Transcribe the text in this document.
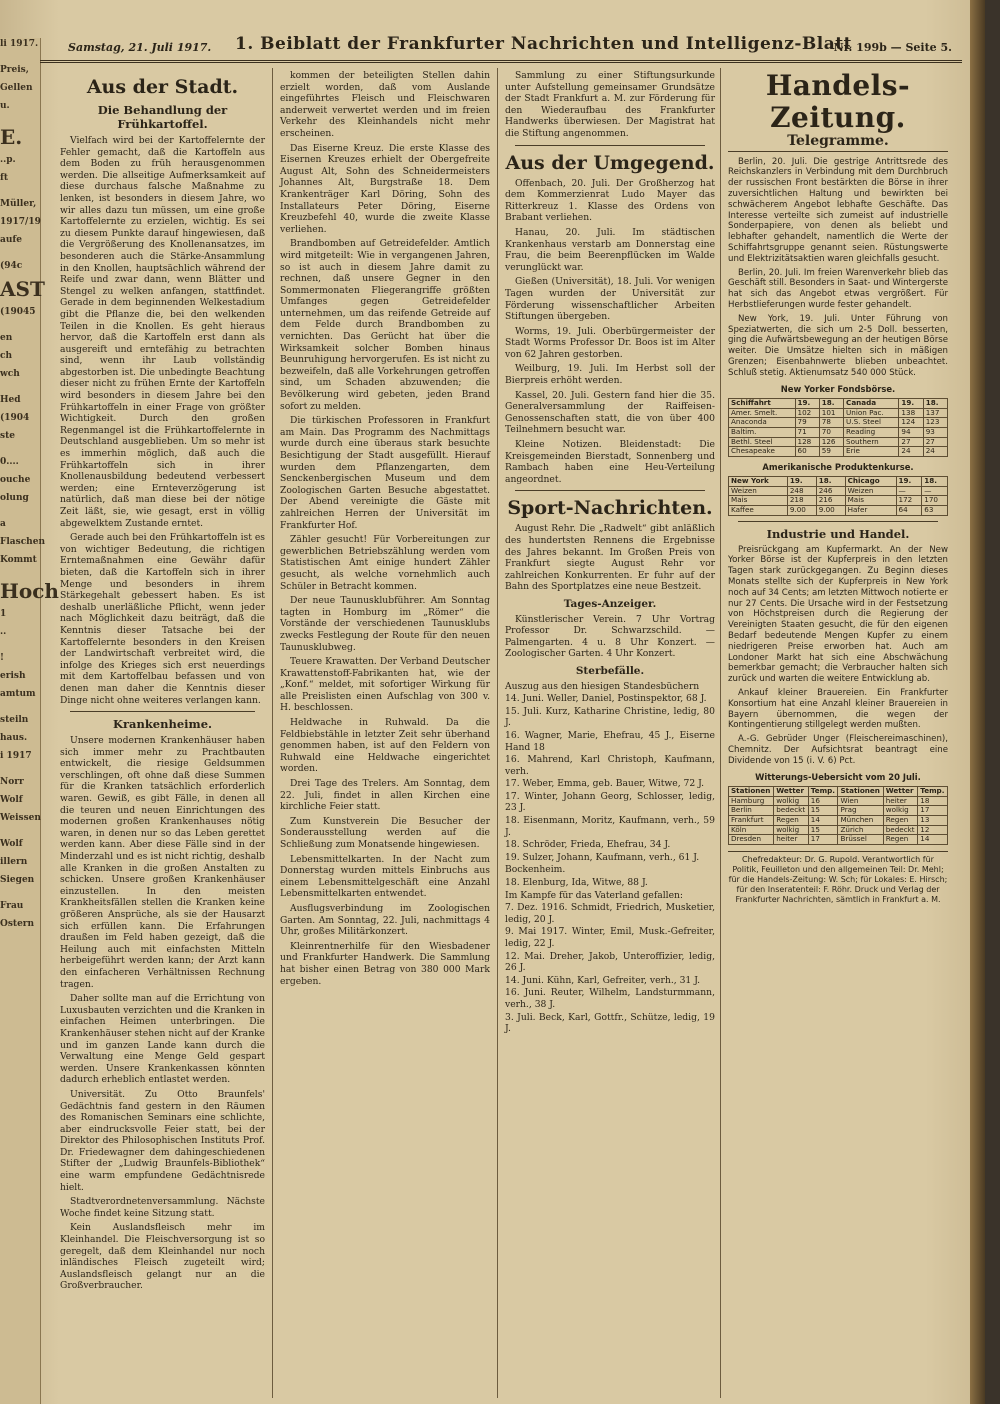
li 1917.
Preis,
Gellen
u.
E.
..p.
ft
Müller,
1917/19
aufe
(94c
AST
(19045
en
ch
wch
Hed
(1904
ste
0....
ouche
olung
a
Flaschen
Kommt
Hoch
1
..
!
erish
amtum
steiln
haus.
i 1917
Norr
Wolf
Weissen
Wolf
illern
Siegen
Frau
Ostern
Samstag, 21. Juli 1917. 1. Beiblatt der Frankfurter Nachrichten und Intelligenz-Blatt
Nr. 199b — Seite 5.
Aus der Stadt.
Die Behandlung der Frühkartoffel.

Vielfach wird bei der Kartoffelernte der Fehler gemacht, daß die Kartoffeln aus dem Boden zu früh herausgenommen werden. Die allseitige Aufmerksamkeit auf diese durchaus falsche Maßnahme zu lenken, ist besonders in diesem Jahre, wo wir alles dazu tun müssen, um eine große Kartoffelernte zu erzielen, wichtig. Es sei zu diesem Punkte darauf hingewiesen, daß die Vergrößerung des Knollenansatzes, im besonderen auch die Stärke-Ansammlung in den Knollen, hauptsächlich während der Reife und zwar dann, wenn Blätter und Stengel zu welken anfangen, stattfindet. Gerade in dem beginnenden Welkestadium gibt die Pflanze die, bei den welkenden Teilen in die Knollen. Es geht hieraus hervor, daß die Kartoffeln erst dann als ausgereift und erntefähig zu betrachten sind, wenn ihr Laub vollständig abgestorben ist. Die unbedingte Beachtung dieser nicht zu frühen Ernte der Kartoffeln wird besonders in diesem Jahre bei den Frühkartoffeln in einer Frage von größter Wichtigkeit. Durch den großen Regenmangel ist die Frühkartoffelernte in Deutschland ausgeblieben. Um so mehr ist es immerhin möglich, daß auch die Frühkartoffeln sich in ihrer Knollenausbildung bedeutend verbessert werden; eine Ernteverzögerung ist natürlich, daß man diese bei der nötige Zeit läßt, sie, wie gesagt, erst in völlig abgewelktem Zustande erntet.

Gerade auch bei den Frühkartoffeln ist es von wichtiger Bedeutung, die richtigen Erntemaßnahmen eine Gewähr dafür bieten, daß die Kartoffeln sich in ihrer Menge und besonders in ihrem Stärkegehalt gebessert haben. Es ist deshalb unerläßliche Pflicht, wenn jeder nach Möglichkeit dazu beiträgt, daß die Kenntnis dieser Tatsache bei der Kartoffelernte besonders in den Kreisen der Landwirtschaft verbreitet wird, die infolge des Krieges sich erst neuerdings mit dem Kartoffelbau befassen und von denen man daher die Kenntnis dieser Dinge nicht ohne weiteres verlangen kann.

Krankenheime.

Unsere modernen Krankenhäuser haben sich immer mehr zu Prachtbauten entwickelt, die riesige Geldsummen verschlingen, oft ohne daß diese Summen für die Kranken tatsächlich erforderlich waren. Gewiß, es gibt Fälle, in denen all die teuren und neuen Einrichtungen des modernen großen Krankenhauses nötig waren, in denen nur so das Leben gerettet werden kann. Aber diese Fälle sind in der Minderzahl und es ist nicht richtig, deshalb alle Kranken in die großen Anstalten zu schicken. Unsere großen Krankenhäuser einzustellen. In den meisten Krankheitsfällen stellen die Kranken keine größeren Ansprüche, als sie der Hausarzt sich erfüllen kann. Die Erfahrungen draußen im Feld haben gezeigt, daß die Heilung auch mit einfachsten Mitteln herbeigeführt werden kann; der Arzt kann den einfacheren Verhältnissen Rechnung tragen.

Daher sollte man auf die Errichtung von Luxusbauten verzichten und die Kranken in einfachen Heimen unterbringen. Die Krankenhäuser stehen nicht auf der Kranke und im ganzen Lande kann durch die Verwaltung eine Menge Geld gespart werden. Unsere Krankenkassen könnten dadurch erheblich entlastet werden.

Universität. Zu Otto Braunfels' Gedächtnis fand gestern in den Räumen des Romanischen Seminars eine schlichte, aber eindrucksvolle Feier statt, bei der Direktor des Philosophischen Instituts Prof. Dr. Friedewagner dem dahingeschiedenen Stifter der „Ludwig Braunfels-Bibliothek“ eine warm empfundene Gedächtnisrede hielt.

Stadtverordnetenversammlung. Nächste Woche findet keine Sitzung statt.

Kein Auslandsfleisch mehr im Kleinhandel. Die Fleischversorgung ist so geregelt, daß dem Kleinhandel nur noch inländisches Fleisch zugeteilt wird; Auslandsfleisch gelangt nur an die Großverbraucher.

kommen der beteiligten Stellen dahin erzielt worden, daß vom Auslande eingeführtes Fleisch und Fleischwaren anderweit verwertet werden und im freien Verkehr des Kleinhandels nicht mehr erscheinen.

Das Eiserne Kreuz. Die erste Klasse des Eisernen Kreuzes erhielt der Obergefreite August Alt, Sohn des Schneidermeisters Johannes Alt, Burgstraße 18. Dem Krankenträger Karl Döring, Sohn des Installateurs Peter Döring, Eiserne Kreuzbefehl 40, wurde die zweite Klasse verliehen.

Brandbomben auf Getreidefelder. Amtlich wird mitgeteilt: Wie in vergangenen Jahren, so ist auch in diesem Jahre damit zu rechnen, daß unsere Gegner in den Sommermonaten Fliegerangriffe größten Umfanges gegen Getreidefelder unternehmen, um das reifende Getreide auf dem Felde durch Brandbomben zu vernichten. Das Gerücht hat über die Wirksamkeit solcher Bomben hinaus Beunruhigung hervorgerufen. Es ist nicht zu bezweifeln, daß alle Vorkehrungen getroffen sind, um Schaden abzuwenden; die Bevölkerung wird gebeten, jeden Brand sofort zu melden.

Die türkischen Professoren in Frankfurt am Main. Das Programm des Nachmittags wurde durch eine überaus stark besuchte Besichtigung der Stadt ausgefüllt. Hierauf wurden dem Pflanzengarten, dem Senckenbergischen Museum und dem Zoologischen Garten Besuche abgestattet. Der Abend vereinigte die Gäste mit zahlreichen Herren der Universität im Frankfurter Hof.

Zähler gesucht! Für Vorbereitungen zur gewerblichen Betriebszählung werden vom Statistischen Amt einige hundert Zähler gesucht, als welche vornehmlich auch Schüler in Betracht kommen.

Der neue Taunusklubführer. Am Sonntag tagten in Homburg im „Römer“ die Vorstände der verschiedenen Taunusklubs zwecks Festlegung der Route für den neuen Taunusklubweg.

Teuere Krawatten. Der Verband Deutscher Krawattenstoff-Fabrikanten hat, wie der „Konf.“ meldet, mit sofortiger Wirkung für alle Preislisten einen Aufschlag von 300 v. H. beschlossen.

Heldwache in Ruhwald. Da die Feldbiebstähle in letzter Zeit sehr überhand genommen haben, ist auf den Feldern von Ruhwald eine Heldwache eingerichtet worden.

Drei Tage des Trelers. Am Sonntag, dem 22. Juli, findet in allen Kirchen eine kirchliche Feier statt.

Zum Kunstverein Die Besucher der Sonderausstellung werden auf die Schließung zum Monatsende hingewiesen.

Lebensmittelkarten. In der Nacht zum Donnerstag wurden mittels Einbruchs aus einem Lebensmittelgeschäft eine Anzahl Lebensmittelkarten entwendet.

Ausflugsverbindung im Zoologischen Garten. Am Sonntag, 22. Juli, nachmittags 4 Uhr, großes Militärkonzert.

Kleinrentnerhilfe für den Wiesbadener und Frankfurter Handwerk. Die Sammlung hat bisher einen Betrag von 380 000 Mark ergeben.

Sammlung zu einer Stiftungsurkunde unter Aufstellung gemeinsamer Grundsätze der Stadt Frankfurt a. M. zur Förderung für den Wiederaufbau des Frankfurter Handwerks überwiesen. Der Magistrat hat die Stiftung angenommen.

Aus der Umgegend.

Offenbach, 20. Juli. Der Großherzog hat dem Kommerzienrat Ludo Mayer das Ritterkreuz 1. Klasse des Ordens von Brabant verliehen.

Hanau, 20. Juli. Im städtischen Krankenhaus verstarb am Donnerstag eine Frau, die beim Beerenpflücken im Walde verunglückt war.

Gießen (Universität), 18. Juli. Vor wenigen Tagen wurden der Universität zur Förderung wissenschaftlicher Arbeiten Stiftungen übergeben.

Worms, 19. Juli. Oberbürgermeister der Stadt Worms Professor Dr. Boos ist im Alter von 62 Jahren gestorben.

Weilburg, 19. Juli. Im Herbst soll der Bierpreis erhöht werden.

Kassel, 20. Juli. Gestern fand hier die 35. Generalversammlung der Raiffeisen-Genossenschaften statt, die von über 400 Teilnehmern besucht war.

Kleine Notizen. Bleidenstadt: Die Kreisgemeinden Bierstadt, Sonnenberg und Rambach haben eine Heu-Verteilung angeordnet.

Sport-Nachrichten.

August Rehr. Die „Radwelt“ gibt anläßlich des hundertsten Rennens die Ergebnisse des Jahres bekannt. Im Großen Preis von Frankfurt siegte August Rehr vor zahlreichen Konkurrenten. Er fuhr auf der Bahn des Sportplatzes eine neue Bestzeit.

Tages-Anzeiger.

Künstlerischer Verein. 7 Uhr Vortrag Professor Dr. Schwarzschild. — Palmengarten. 4 u. 8 Uhr Konzert. — Zoologischer Garten. 4 Uhr Konzert.

Sterbefälle.

Auszug aus den hiesigen Standesbüchern

14. Juni. Weller, Daniel, Postinspektor, 68 J.

15. Juli. Kurz, Katharine Christine, ledig, 80 J.

16. Wagner, Marie, Ehefrau, 45 J., Eiserne Hand 18

16. Mahrend, Karl Christoph, Kaufmann, verh.

17. Weber, Emma, geb. Bauer, Witwe, 72 J.

17. Winter, Johann Georg, Schlosser, ledig, 23 J.

18. Eisenmann, Moritz, Kaufmann, verh., 59 J.

18. Schröder, Frieda, Ehefrau, 34 J.

19. Sulzer, Johann, Kaufmann, verh., 61 J.

Bockenheim.

18. Elenburg, Ida, Witwe, 88 J.

Im Kampfe für das Vaterland gefallen:

7. Dez. 1916. Schmidt, Friedrich, Musketier, ledig, 20 J.

9. Mai 1917. Winter, Emil, Musk.-Gefreiter, ledig, 22 J.

12. Mai. Dreher, Jakob, Unteroffizier, ledig, 26 J.

14. Juni. Kühn, Karl, Gefreiter, verh., 31 J.

16. Juni. Reuter, Wilhelm, Landsturmmann, verh., 38 J.

3. Juli. Beck, Karl, Gottfr., Schütze, ledig, 19 J.

Handels-Zeitung.
Telegramme.

Berlin, 20. Juli. Die gestrige Antrittsrede des Reichskanzlers in Verbindung mit dem Durchbruch der russischen Front bestärkten die Börse in ihrer zuversichtlichen Haltung und bewirkten bei schwächerem Angebot lebhafte Geschäfte. Das Interesse verteilte sich zumeist auf industrielle Sonderpapiere, von denen als beliebt und lebhafter gehandelt, namentlich die Werte der Schiffahrtsgruppe genannt seien. Rüstungswerte und Elektrizitätsaktien waren gleichfalls gesucht.

Berlin, 20. Juli. Im freien Warenverkehr blieb das Geschäft still. Besonders in Saat- und Wintergerste hat sich das Angebot etwas vergrößert. Für Herbstlieferungen wurde fester gehandelt.

New York, 19. Juli. Unter Führung von Speziatwerten, die sich um 2-5 Doll. besserten, ging die Aufwärtsbewegung an der heutigen Börse weiter. Die Umsätze hielten sich in mäßigen Grenzen; Eisenbahnwerte blieben unbeachtet. Schluß stetig. Aktienumsatz 540 000 Stück.

New Yorker Fondsbörse.
Schiffahrt	19.	18.	Canada	19.	18.
Amer. Smelt.	102	101	Union Pac.	138	137
Anaconda	79	78	U.S. Steel	124	123
Baltim.	71	70	Reading	94	93
Bethl. Steel	128	126	Southern	27	27
Chesapeake	60	59	Erie	24	24
Amerikanische Produktenkurse.
New York	19.	18.	Chicago	19.	18.
Weizen	248	246	Weizen	—	—
Mais	218	216	Mais	172	170
Kaffee	9.00	9.00	Hafer	64	63
Industrie und Handel.

Preisrückgang am Kupfermarkt. An der New Yorker Börse ist der Kupferpreis in den letzten Tagen stark zurückgegangen. Zu Beginn dieses Monats stellte sich der Kupferpreis in New York noch auf 34 Cents; am letzten Mittwoch notierte er nur 27 Cents. Die Ursache wird in der Festsetzung von Höchstpreisen durch die Regierung der Vereinigten Staaten gesucht, die für den eigenen Bedarf bedeutende Mengen Kupfer zu einem niedrigeren Preise erworben hat. Auch am Londoner Markt hat sich eine Abschwächung bemerkbar gemacht; die Verbraucher halten sich zurück und warten die weitere Entwicklung ab.

Ankauf kleiner Brauereien. Ein Frankfurter Konsortium hat eine Anzahl kleiner Brauereien in Bayern übernommen, die wegen der Kontingentierung stillgelegt werden mußten.

A.-G. Gebrüder Unger (Fleischereimaschinen), Chemnitz. Der Aufsichtsrat beantragt eine Dividende von 15 (i. V. 6) Pct.

Witterungs-Uebersicht vom 20 Juli.
Stationen	Wetter	Temp.	Stationen	Wetter	Temp.
Hamburg	wolkig	16	Wien	heiter	18
Berlin	bedeckt	15	Prag	wolkig	17
Frankfurt	Regen	14	München	Regen	13
Köln	wolkig	15	Zürich	bedeckt	12
Dresden	heiter	17	Brüssel	Regen	14
Chefredakteur: Dr. G. Rupold. Verantwortlich für Politik, Feuilleton und den allgemeinen Teil: Dr. Mehl; für die Handels-Zeitung: W. Sch; für Lokales: E. Hirsch; für den Inseratenteil: F. Röhr. Druck und Verlag der Frankfurter Nachrichten, sämtlich in Frankfurt a. M.
